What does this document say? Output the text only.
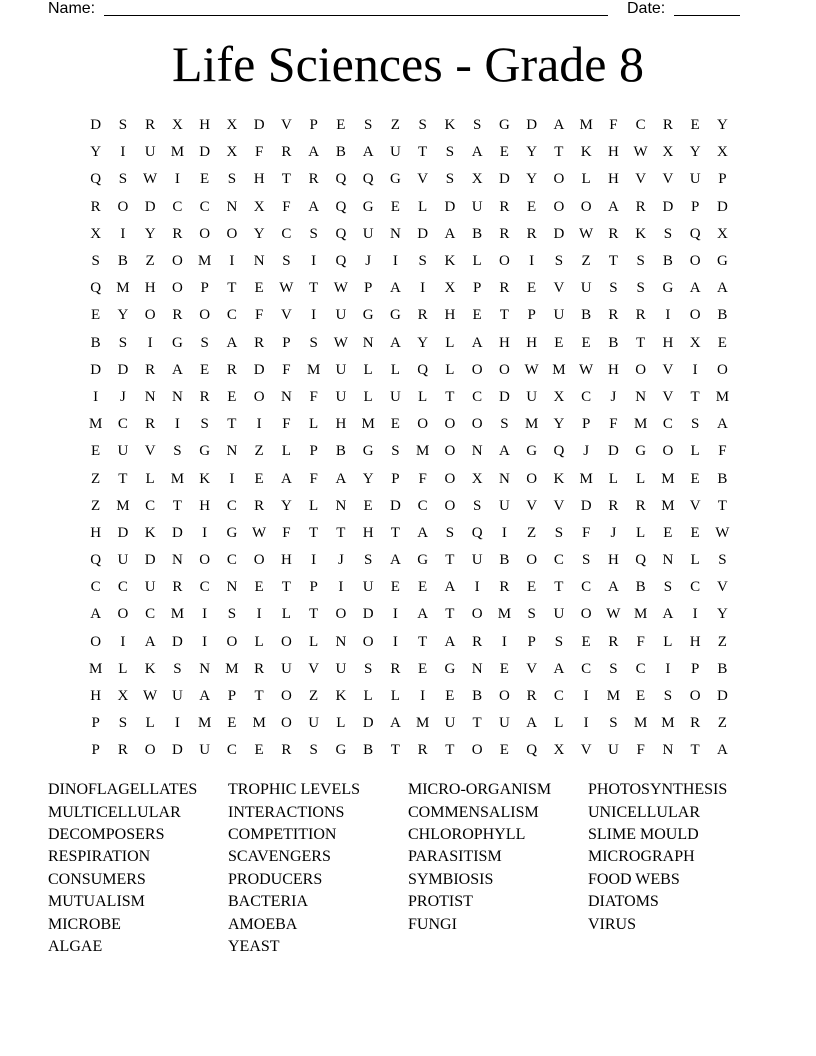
Name:	Date:
Life Sciences - Grade 8
D	S	R	X	H	X	D	V	P	E	S	Z	S	K	S	G	D	A	M	F	C	R	E	Y
Y	I	U	M	D	X	F	R	A	B	A	U	T	S	A	E	Y	T	K	H W X	Y	X
Q	S	W	I	E	S	H	T	R	Q	Q	G	V	S	X	D	Y	O	L	H	V	V	U	P
R	O	D	C	C	N	X	F	A	Q	G	E	L	D	U	R	E	O	O	A	R	D	P	D
X	I	Y	R	O	O	Y	C	S	Q	U	N	D	A	B	R	R	D W	R	K	S	Q	X
S	B	Z	O	M	I	N	S	I	Q	J	I	S	K	L	O	I	S	Z	T	S	B	O	G
Q	M	H	O	P	T	E	W	T	W	P	A	I	X	P	R	E	V	U	S	S	G	A	A
E	Y	O	R	O	C	F	V	I	U	G	G	R	H	E	T	P	U	B	R	R	I	O	B
B	S	I	G	S	A	R	P	S	W N	A	Y	L	A	H	H	E	E	B	T	H	X	E
D	D	R	A	E	R	D	F	M	U	L	L	Q	L	O	O W M W H	O	V	I	O
I	J	N	N	R	E	O	N	F	U	L	U	L	T	C	D	U	X	C	J	N	V	T	M
M	C	R	I	S	T	I	F	L	H	M	E	O	O	O	S	M	Y	P	F	M	C	S	A
E	U	V	S	G	N	Z	L	P	B	G	S	M	O	N	A	G	Q	J	D	G	O	L	F
Z	T	L	M	K	I	E	A	F	A	Y	P	F	O	X	N	O	K	M	L	L	M	E	B
Z	M	C	T	H	C	R	Y	L	N	E	D	C	O	S	U	V	V	D	R	R	M	V	T
H	D	K	D	I	G W	F	T	T	H	T	A	S	Q	I	Z	S	F	J	L	E	E	W
Q	U	D	N	O	C	O	H	I	J	S	A	G	T	U	B	O	C	S	H	Q	N	L	S
C	C	U	R	C	N	E	T	P	I	U	E	E	A	I	R	E	T	C	A	B	S	C	V
A	O	C	M	I	S	I	L	T	O	D	I	A	T	O	M	S	U	O W M	A	I	Y
O	I	A	D	I	O	L	O	L	N	O	I	T	A	R	I	P	S	E	R	F	L	H	Z
M	L	K	S	N	M	R	U	V	U	S	R	E	G	N	E	V	A	C	S	C	I	P	B
H	X W U	A	P	T	O	Z	K	L	L	I	E	B	O	R	C	I	M	E	S	O	D
P	S	L	I	M	E	M	O	U	L	D	A	M	U	T	U	A	L	I	S	M M	R	Z
P	R	O	D	U	C	E	R	S	G	B	T	R	T	O	E	Q	X	V	U	F	N	T	A
DINOFLAGELLATES	TROPHIC LEVELS	MICRO-ORGANISM	PHOTOSYNTHESIS
MULTICELLULAR	INTERACTIONS	COMMENSALISM	UNICELLULAR
DECOMPOSERS	COMPETITION	CHLOROPHYLL	SLIME MOULD
RESPIRATION	SCAVENGERS	PARASITISM	MICROGRAPH
CONSUMERS	PRODUCERS	SYMBIOSIS	FOOD WEBS
MUTUALISM	BACTERIA	PROTIST	DIATOMS
MICROBE	AMOEBA	FUNGI	VIRUS
ALGAE	YEAST
